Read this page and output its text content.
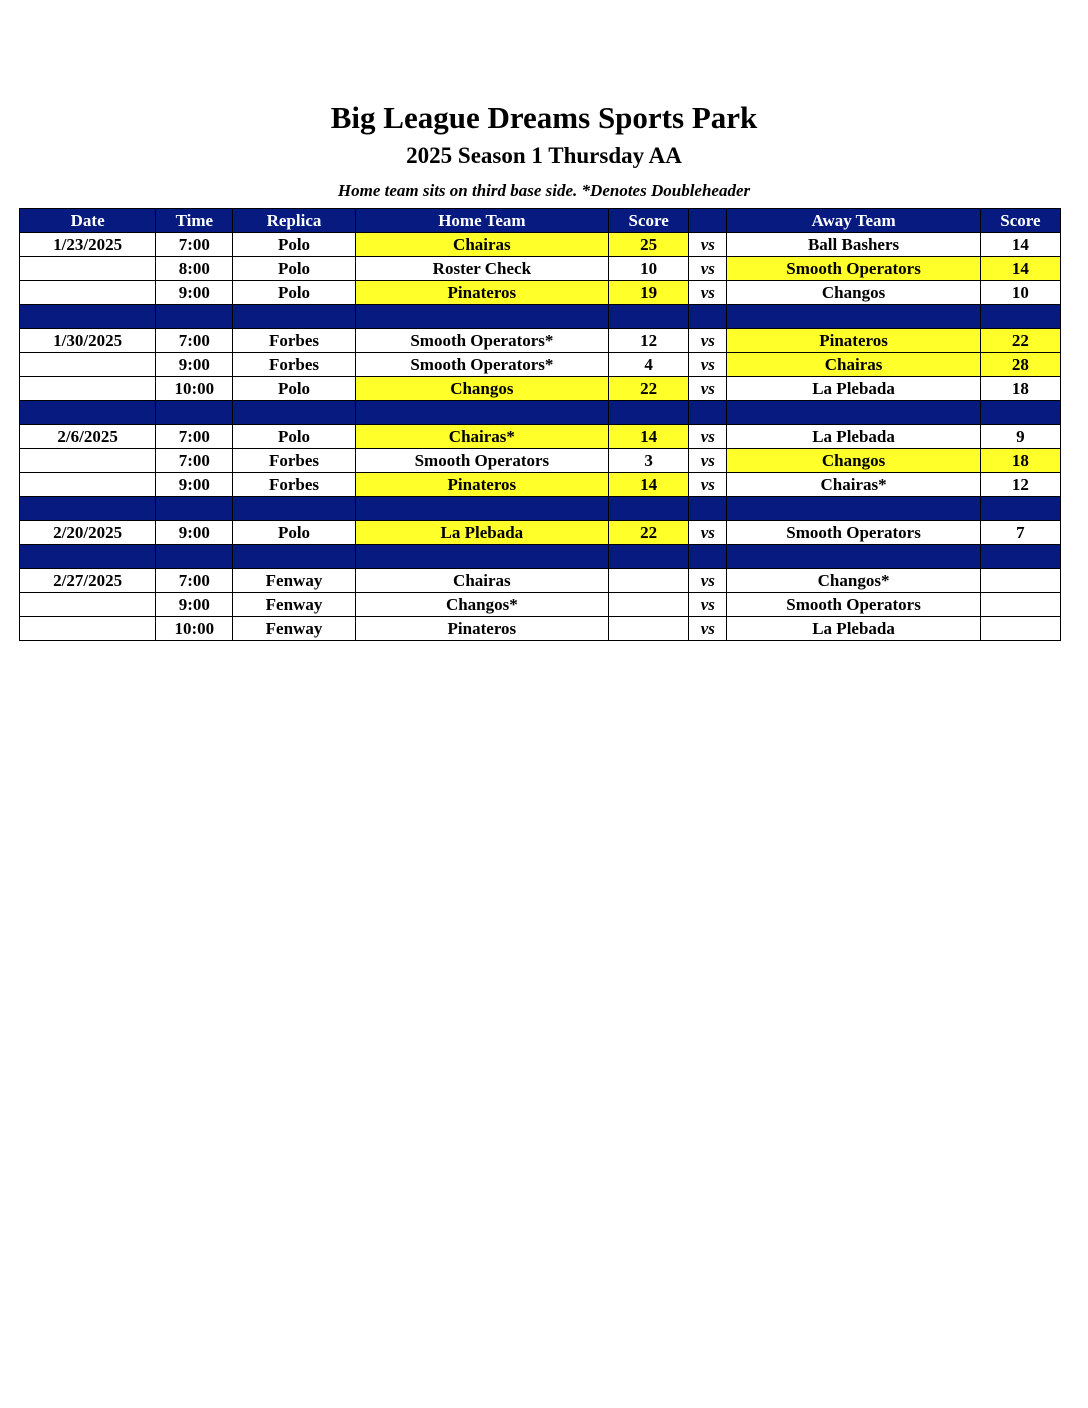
Big League Dreams Sports Park
2025 Season 1 Thursday AA
Home team sits on third base side. *Denotes Doubleheader
Date	Time	Replica	Home Team	Score		Away Team	Score
1/23/2025	7:00	Polo	Chairas	25	vs	Ball Bashers	14
	8:00	Polo	Roster Check	10	vs	Smooth Operators	14
	9:00	Polo	Pinateros	19	vs	Changos	10

1/30/2025	7:00	Forbes	Smooth Operators*	12	vs	Pinateros	22
	9:00	Forbes	Smooth Operators*	4	vs	Chairas	28
	10:00	Polo	Changos	22	vs	La Plebada	18

2/6/2025	7:00	Polo	Chairas*	14	vs	La Plebada	9
	7:00	Forbes	Smooth Operators	3	vs	Changos	18
	9:00	Forbes	Pinateros	14	vs	Chairas*	12

2/20/2025	9:00	Polo	La Plebada	22	vs	Smooth Operators	7

2/27/2025	7:00	Fenway	Chairas		vs	Changos*	
	9:00	Fenway	Changos*		vs	Smooth Operators	
	10:00	Fenway	Pinateros		vs	La Plebada	
